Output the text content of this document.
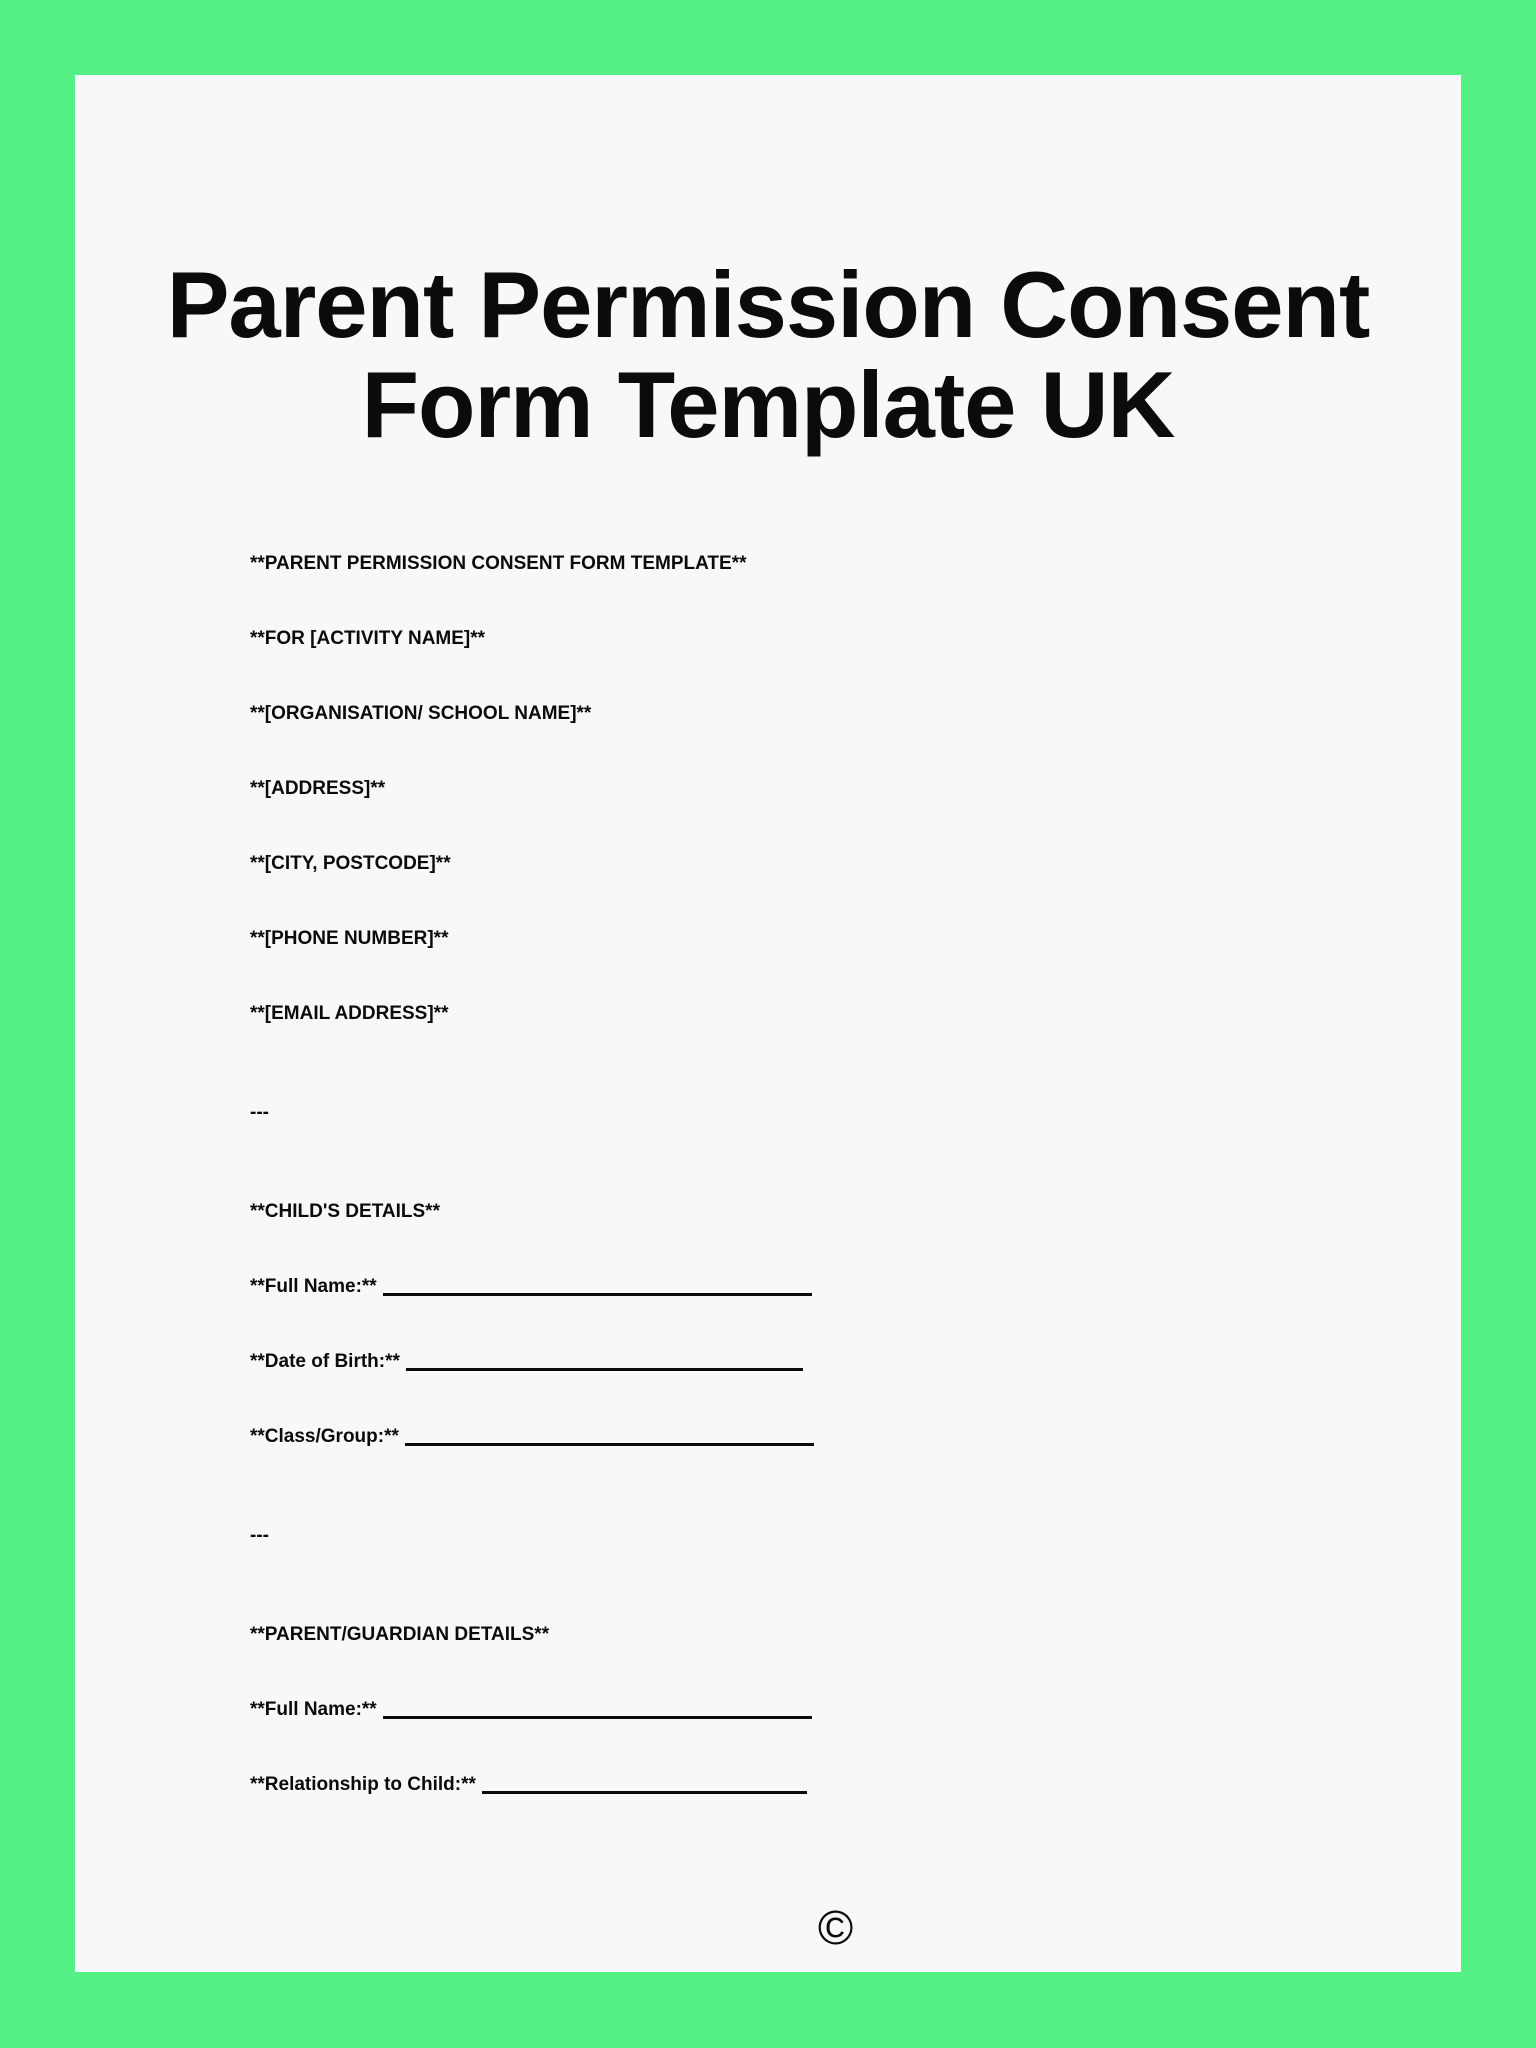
Parent Permission Consent
Form Template UK

**PARENT PERMISSION CONSENT FORM TEMPLATE**

**FOR [ACTIVITY NAME]**

**[ORGANISATION/ SCHOOL NAME]**

**[ADDRESS]**

**[CITY, POSTCODE]**

**[PHONE NUMBER]**

**[EMAIL ADDRESS]**

---

**CHILD'S DETAILS**

**Full Name:**

**Date of Birth:**

**Class/Group:**

---

**PARENT/GUARDIAN DETAILS**

**Full Name:**

**Relationship to Child:**

©
